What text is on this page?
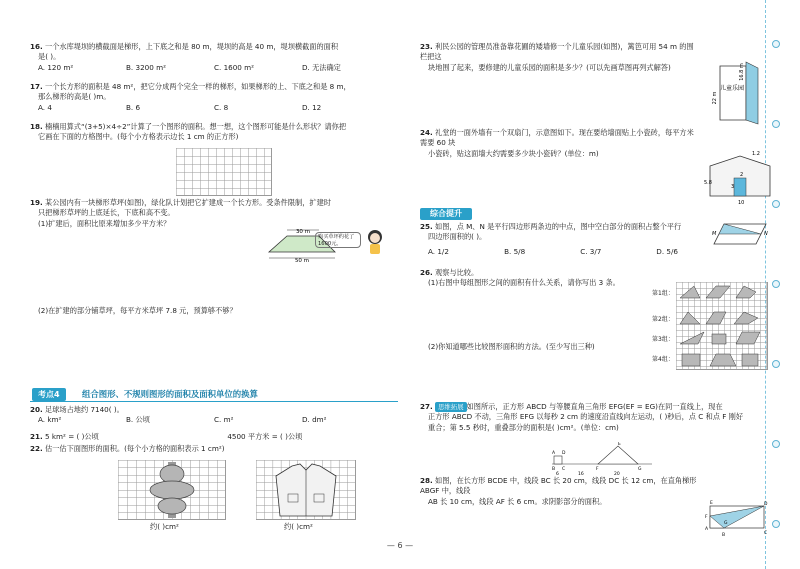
16. 一个水库堤坝的横截面是梯形，上下底之和是 80 m，堤坝的高是 40 m，堤坝横截面的面积
是( )。
A. 120 m²	B. 3200 m²	C. 1600 m²	D. 无法确定
17. 一个长方形的面积是 48 m²，把它分成两个完全一样的梯形，如果梯形的上、下底之和是 8 m，
那么梯形的高是( )m。
A. 4	B. 6	C. 8	D. 12
18. 楠楠用算式“(3+5)×4÷2”计算了一个图形的面积。想一想，这个图形可能是什么形状？请你把
它画在下面的方格图中。(每个小方格表示边长 1 cm 的正方形)
19. 某公园内有一块梯形草坪(如图)，绿化队计划把它扩建成一个长方形。受条件限制，扩建时
只把梯形草坪的上底延长，下底和高不变。
(1)扩建后，面积比原来增加多少平方米？
30 m
50 m
购买草坪约花了1600元。
(2)在扩建的部分铺草坪，每平方米草坪 7.8 元，预算够不够？
考点4	组合图形、不规则图形的面积及面积单位的换算
20. 足球场占地约 7140( )。
A. km²	B. 公顷	C. m²	D. dm²
21. 5 km² = ( )公顷	4500 平方米 = ( )公顷
22. 估一估下面图形的面积。(每个小方格的面积表示 1 cm²)
约( )cm²	约( )cm²
23. 利民公园的管理员准备靠花圃的矮墙修一个儿童乐园(如图)，篱笆可用 54 m 的围栏把这
块地围了起来，要修建的儿童乐园的面积是多少？(可以先画草图再列式解答)
儿童乐园
22 m
16.8 m
24. 礼堂的一面外墙有一个双扇门，示意图如下。现在要给墙面贴上小瓷砖，每平方米需要 60 块
小瓷砖，贴这面墙大约需要多少块小瓷砖？(单位：m)	1.2
5.8
3
2
10
综合提升
25. 如图，点 M、N 是平行四边形两条边的中点，图中空白部分的面积占整个平行
四边形面积的( )。
A. 1/2	B. 5/8	C. 3/7	D. 5/6
M	N
26. 观察与比较。
(1)右图中每组图形之间的面积有什么关系，请你写出 3 条。
(2)你知道哪些比较图形面积的方法。(至少写出三种)
第1组：
第2组：
第3组：
第4组：
27. 思维拓展 如图所示，正方形 ABCD 与等腰直角三角形 EFG(EF = EG)在同一直线上，现在
正方形 ABCD 不动，三角形 EFG 以每秒 2 cm 的速度沿直线向左运动，( )秒后，点 C 和点 F 刚好
重合；第 5.5 秒时，重叠部分的面积是( )cm²。(单位：cm)
A
B C
D
E
F	G
6	16	20
28. 如图，在长方形 BCDE 中，线段 BC 长 20 cm，线段 DC 长 12 cm，在直角梯形 ABGF 中，线段
AB 长 10 cm，线段 AF 长 6 cm。求阴影部分的面积。	D
C
F
A
G
B
E
— 6 —
